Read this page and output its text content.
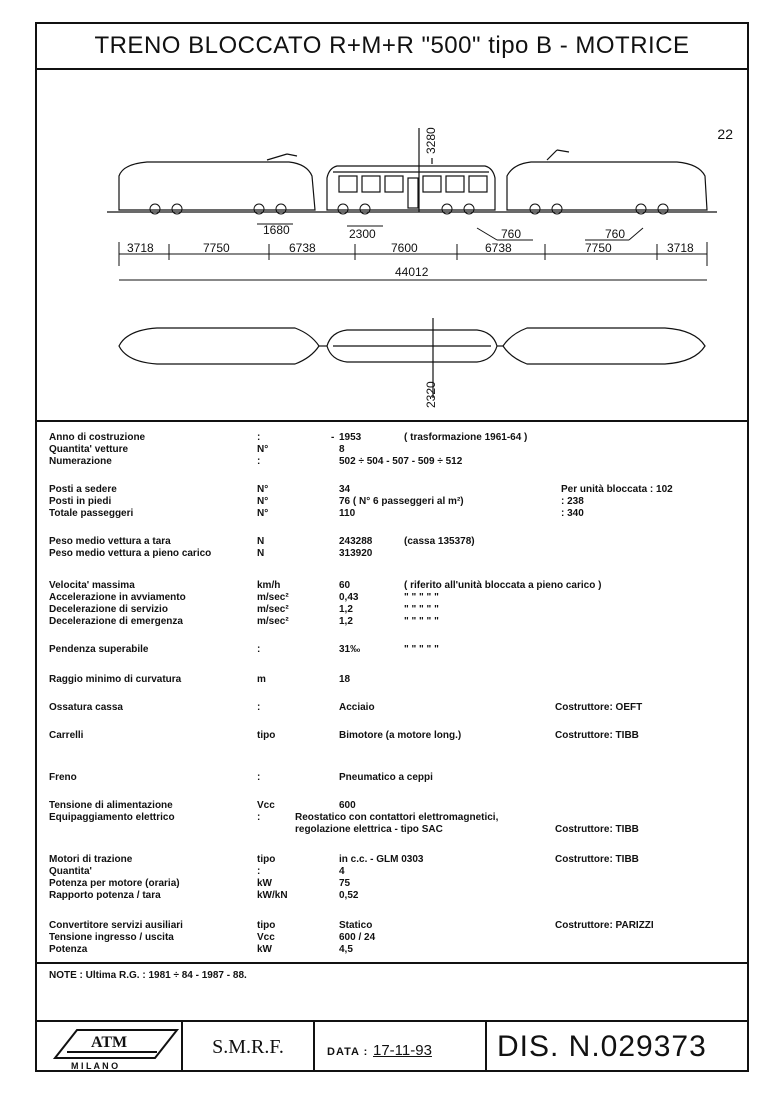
TRENO BLOCCATO R+M+R "500" tipo B - MOTRICE
22
3280
1680	2300	760	760
3718	7750	6738	7600	6738	7750	3718
44012
2320
Anno di costruzione	:	- 1953	( trasformazione 1961-64 )
Quantita' vetture	N°	8
Numerazione	:	502 ÷ 504 - 507 - 509 ÷ 512
Posti a sedere	N°	34	Per unità bloccata : 102
Posti in piedi	N°	76 ( N° 6 passeggeri al m²)	: 238
Totale passeggeri	N°	110	: 340
Peso medio vettura a tara	N	243288	(cassa 135378)
Peso medio vettura a pieno carico	N	313920
Velocita' massima	km/h	60	( riferito all'unità bloccata a pieno carico )
Accelerazione in avviamento	m/sec²	0,43	" " " " "
Decelerazione di servizio	m/sec²	1,2	" " " " "
Decelerazione di emergenza	m/sec²	1,2	" " " " "
Pendenza superabile	:	31‰	" " " " "
Raggio minimo di curvatura	m	18
Ossatura cassa	:	Acciaio	Costruttore: OEFT
Carrelli	tipo	Bimotore (a motore long.)	Costruttore: TIBB
Freno	:	Pneumatico a ceppi
Tensione di alimentazione	Vcc	600
Equipaggiamento elettrico	:	Reostatico con contattori elettromagnetici,
regolazione elettrica - tipo SAC	Costruttore: TIBB
Motori di trazione	tipo	in c.c. - GLM 0303	Costruttore: TIBB
Quantita'	:	4
Potenza per motore (oraria)	kW	75
Rapporto potenza / tara	kW/kN	0,52
Convertitore servizi ausiliari	tipo	Statico	Costruttore: PARIZZI
Tensione ingresso / uscita	Vcc	600 / 24
Potenza	kW	4,5
NOTE : Ultima R.G. : 1981 ÷ 84 - 1987 - 88.
ATM
M I L A N O
S.M.R.F.	DATA : 17-11-93	DIS. N.029373
